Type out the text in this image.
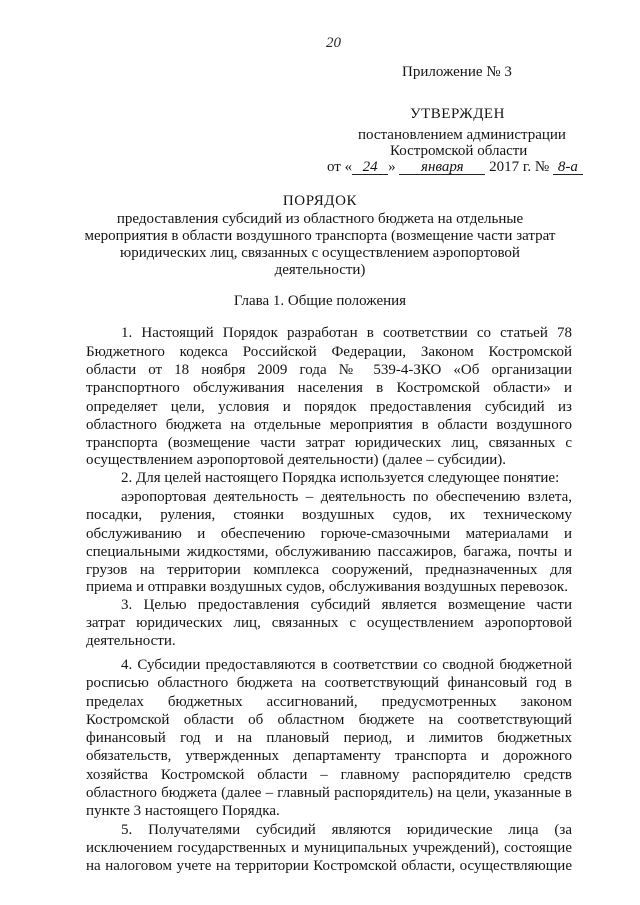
20
Приложение № 3
УТВЕРЖДЕН
постановлением администрации
Костромской области
от « 24 » января 2017 г. № 8-а
ПОРЯДОК
предоставления субсидий из областного бюджета на отдельные
мероприятия в области воздушного транспорта (возмещение части затрат
юридических лиц, связанных с осуществлением аэропортовой
деятельности)
Глава 1. Общие положения
1. Настоящий Порядок разработан в соответствии со статьей 78
Бюджетного кодекса Российской Федерации, Законом Костромской
области от 18 ноября 2009 года № 539-4-ЗКО «Об организации
транспортного обслуживания населения в Костромской области» и
определяет цели, условия и порядок предоставления субсидий из
областного бюджета на отдельные мероприятия в области воздушного
транспорта (возмещение части затрат юридических лиц, связанных с
осуществлением аэропортовой деятельности) (далее – субсидии).
2. Для целей настоящего Порядка используется следующее понятие:
аэропортовая деятельность – деятельность по обеспечению взлета,
посадки, руления, стоянки воздушных судов, их техническому
обслуживанию и обеспечению горюче-смазочными материалами и
специальными жидкостями, обслуживанию пассажиров, багажа, почты и
грузов на территории комплекса сооружений, предназначенных для
приема и отправки воздушных судов, обслуживания воздушных перевозок.
3. Целью предоставления субсидий является возмещение части
затрат юридических лиц, связанных с осуществлением аэропортовой
деятельности.
4. Субсидии предоставляются в соответствии со сводной бюджетной
росписью областного бюджета на соответствующий финансовый год в
пределах бюджетных ассигнований, предусмотренных законом
Костромской области об областном бюджете на соответствующий
финансовый год и на плановый период, и лимитов бюджетных
обязательств, утвержденных департаменту транспорта и дорожного
хозяйства Костромской области – главному распорядителю средств
областного бюджета (далее – главный распорядитель) на цели, указанные в
пункте 3 настоящего Порядка.
5. Получателями субсидий являются юридические лица (за
исключением государственных и муниципальных учреждений), состоящие
на налоговом учете на территории Костромской области, осуществляющие
